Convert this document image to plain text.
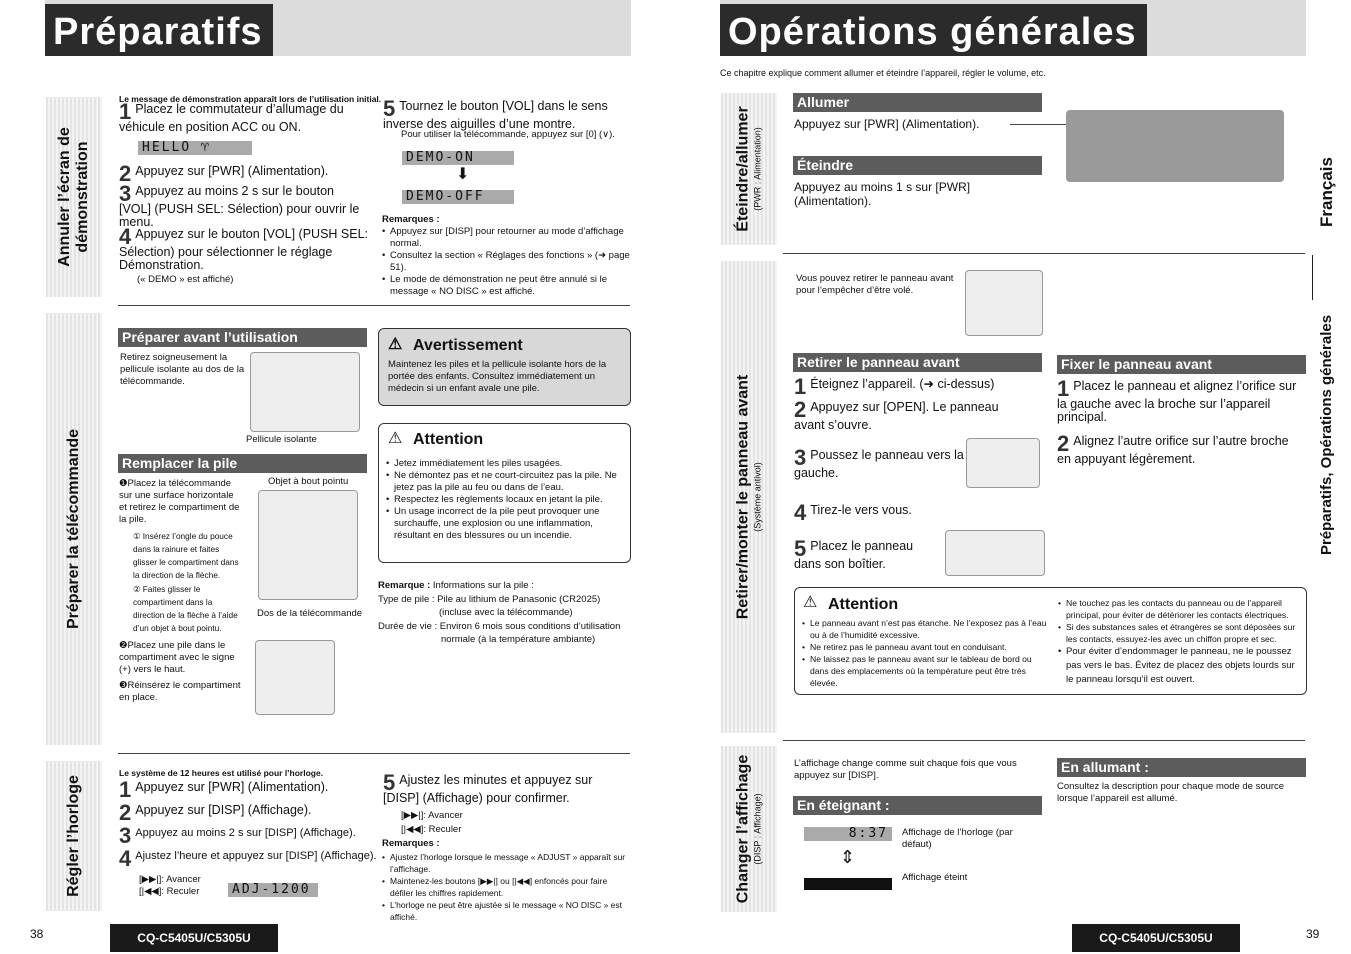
Préparatifs
Annuler l’écran de démonstration
Le message de démonstration apparaît lors de l’utilisation initial.
1 Placez le commutateur d’allumage du véhicule en position ACC ou ON.
HELLO ♈
2 Appuyez sur [PWR] (Alimentation).
3 Appuyez au moins 2 s sur le bouton [VOL] (PUSH SEL: Sélection) pour ouvrir le menu.
4 Appuyez sur le bouton [VOL] (PUSH SEL: Sélection) pour sélectionner le réglage Démonstration.
(« DEMO » est affiché)
5 Tournez le bouton [VOL] dans le sens inverse des aiguilles d’une montre.
Pour utiliser la télécommande, appuyez sur [0] (∨).
DEMO-ON
⬇
DEMO-OFF
Remarques :
• Appuyez sur [DISP] pour retourner au mode d’affichage normal.
• Consultez la section « Réglages des fonctions » (➜ page 51).
• Le mode de démonstration ne peut être annulé si le message « NO DISC » est affiché.
Préparer la télécommande
Préparer avant l’utilisation
Retirez soigneusement la pellicule isolante au dos de la télécommande.
Pellicule isolante
Remplacer la pile
❶Placez la télécommande sur une surface horizontale et retirez le compartiment de la pile.
① Insérez l’ongle du pouce dans la rainure et faites glisser le compartiment dans la direction de la flèche.
② Faites glisser le compartiment dans la direction de la flèche à l’aide d’un objet à bout pointu.
❷Placez une pile dans le compartiment avec le signe (+) vers le haut.
❸Réinsérez le compartiment en place.
Objet à bout pointu
Dos de la télécommande
⚠ Avertissement
Maintenez les piles et la pellicule isolante hors de la portée des enfants. Consultez immédiatement un médecin si un enfant avale une pile.
⚠ Attention
• Jetez immédiatement les piles usagées.
• Ne démontez pas et ne court-circuitez pas la pile. Ne jetez pas la pile au feu ou dans de l’eau.
• Respectez les règlements locaux en jetant la pile.
• Un usage incorrect de la pile peut provoquer une surchauffe, une explosion ou une inflammation, résultant en des blessures ou un incendie.
Remarque : Informations sur la pile :
Type de pile : Pile au lithium de Panasonic (CR2025)
(incluse avec la télécommande)
Durée de vie : Environ 6 mois sous conditions d’utilisation
normale (à la température ambiante)
Régler l’horloge
Le système de 12 heures est utilisé pour l’horloge.
1 Appuyez sur [PWR] (Alimentation).
2 Appuyez sur [DISP] (Affichage).
3 Appuyez au moins 2 s sur [DISP] (Affichage).
4 Ajustez l’heure et appuyez sur [DISP] (Affichage).
[▶▶|]: Avancer
[|◀◀]: Reculer	ADJ-1200
5 Ajustez les minutes et appuyez sur [DISP] (Affichage) pour confirmer.
[▶▶|]: Avancer
[|◀◀]: Reculer
Remarques :
• Ajustez l’horloge lorsque le message « ADJUST » apparaît sur l’affichage.
• Maintenez-les boutons [▶▶|] ou [|◀◀] enfoncés pour faire défiler les chiffres rapidement.
• L’horloge ne peut être ajustée si le message « NO DISC » est affiché.
38	CQ-C5405U/C5305U
Opérations générales
Ce chapitre explique comment allumer et éteindre l’appareil, régler le volume, etc.
Éteindre/allumer (PWR : Alimentation)
Allumer
Appuyez sur [PWR] (Alimentation).
Éteindre
Appuyez au moins 1 s sur [PWR] (Alimentation).
Retirer/monter le panneau avant (Système antivol)
Vous pouvez retirer le panneau avant pour l’empêcher d’être volé.
Retirer le panneau avant
1 Éteignez l’appareil. (➜ ci-dessus)
2 Appuyez sur [OPEN]. Le panneau avant s’ouvre.
3 Poussez le panneau vers la gauche.
4 Tirez-le vers vous.
5 Placez le panneau dans son boîtier.
Fixer le panneau avant
1 Placez le panneau et alignez l’orifice sur la gauche avec la broche sur l’appareil principal.
2 Alignez l’autre orifice sur l’autre broche en appuyant légèrement.
⚠ Attention
• Le panneau avant n’est pas étanche. Ne l’exposez pas à l’eau ou à de l’humidité excessive.
• Ne retirez pas le panneau avant tout en conduisant.
• Ne laissez pas le panneau avant sur le tableau de bord ou dans des emplacements où la température peut être très élevée.
• Ne touchez pas les contacts du panneau ou de l’appareil principal, pour éviter de détériorer les contacts électriques.
• Si des substances sales et étrangères se sont déposées sur les contacts, essuyez-les avec un chiffon propre et sec.
• Pour éviter d’endommager le panneau, ne le poussez pas vers le bas. Évitez de placez des objets lourds sur le panneau lorsqu’il est ouvert.
Changer l’affichage (DISP : Affichage)
L’affichage change comme suit chaque fois que vous appuyez sur [DISP].
En éteignant :
8:37	Affichage de l’horloge (par défaut)
⇕
Affichage éteint
En allumant :
Consultez la description pour chaque mode de source lorsque l’appareil est allumé.
CQ-C5405U/C5305U	39
Français
Préparatifs, Opérations générales
